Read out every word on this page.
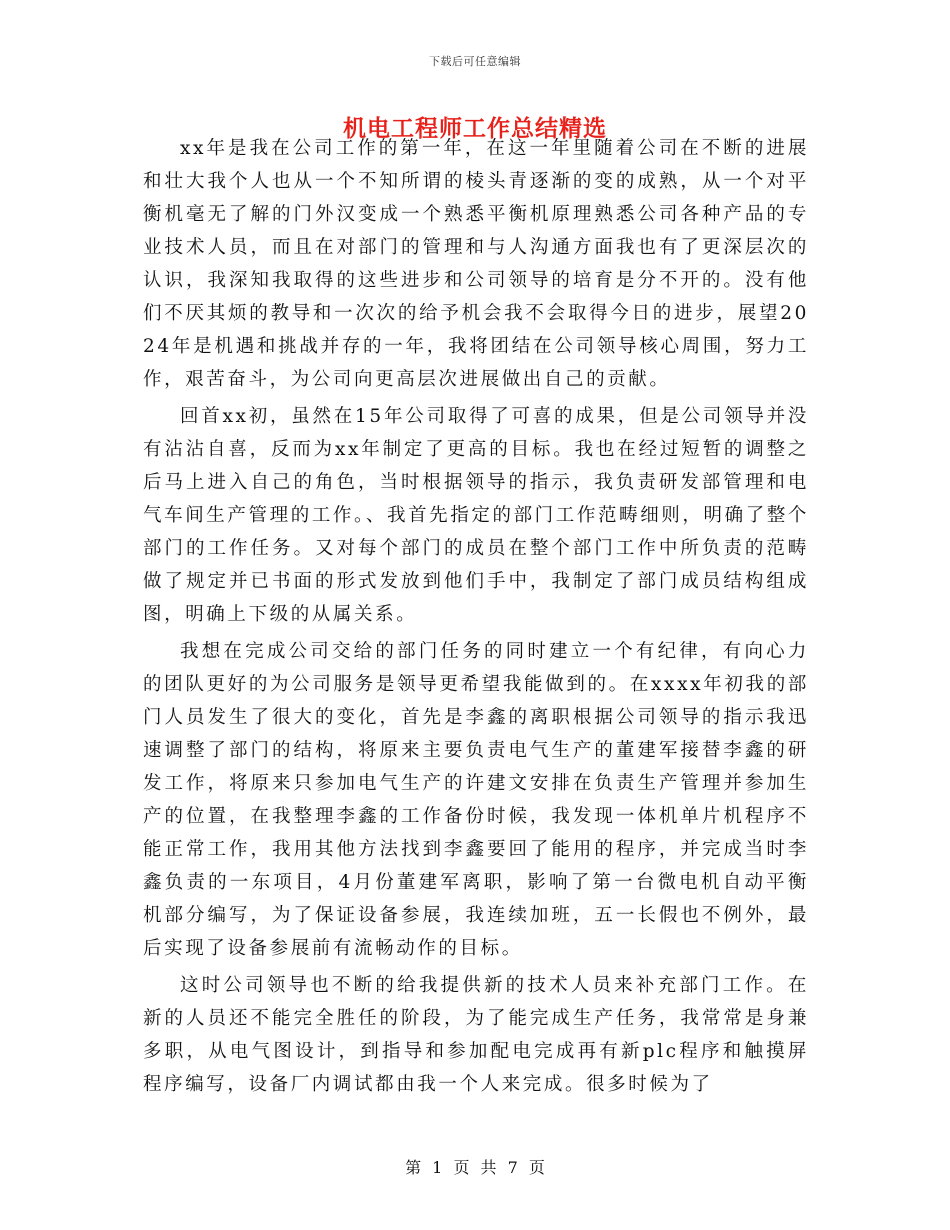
下载后可任意编辑
机电工程师工作总结精选

xx年是我在公司工作的第一年，在这一年里随着公司在不断的进展和壮大我个人也从一个不知所谓的棱头青逐渐的变的成熟，从一个对平衡机毫无了解的门外汉变成一个熟悉平衡机原理熟悉公司各种产品的专业技术人员，而且在对部门的管理和与人沟通方面我也有了更深层次的认识，我深知我取得的这些进步和公司领导的培育是分不开的。没有他们不厌其烦的教导和一次次的给予机会我不会取得今日的进步，展望2024年是机遇和挑战并存的一年，我将团结在公司领导核心周围，努力工作，艰苦奋斗，为公司向更高层次进展做出自己的贡献。

回首xx初，虽然在15年公司取得了可喜的成果，但是公司领导并没有沾沾自喜，反而为xx年制定了更高的目标。我也在经过短暂的调整之后马上进入自己的角色，当时根据领导的指示，我负责研发部管理和电气车间生产管理的工作。、我首先指定的部门工作范畴细则，明确了整个部门的工作任务。又对每个部门的成员在整个部门工作中所负责的范畴做了规定并已书面的形式发放到他们手中，我制定了部门成员结构组成图，明确上下级的从属关系。

我想在完成公司交给的部门任务的同时建立一个有纪律，有向心力的团队更好的为公司服务是领导更希望我能做到的。在xxxx年初我的部门人员发生了很大的变化，首先是李鑫的离职根据公司领导的指示我迅速调整了部门的结构，将原来主要负责电气生产的董建军接替李鑫的研发工作，将原来只参加电气生产的许建文安排在负责生产管理并参加生产的位置，在我整理李鑫的工作备份时候，我发现一体机单片机程序不能正常工作，我用其他方法找到李鑫要回了能用的程序，并完成当时李鑫负责的一东项目，4月份董建军离职，影响了第一台微电机自动平衡机部分编写，为了保证设备参展，我连续加班，五一长假也不例外，最后实现了设备参展前有流畅动作的目标。

这时公司领导也不断的给我提供新的技术人员来补充部门工作。在新的人员还不能完全胜任的阶段，为了能完成生产任务，我常常是身兼多职，从电气图设计，到指导和参加配电完成再有新plc程序和触摸屏程序编写，设备厂内调试都由我一个人来完成。很多时候为了

第 1 页 共 7 页
